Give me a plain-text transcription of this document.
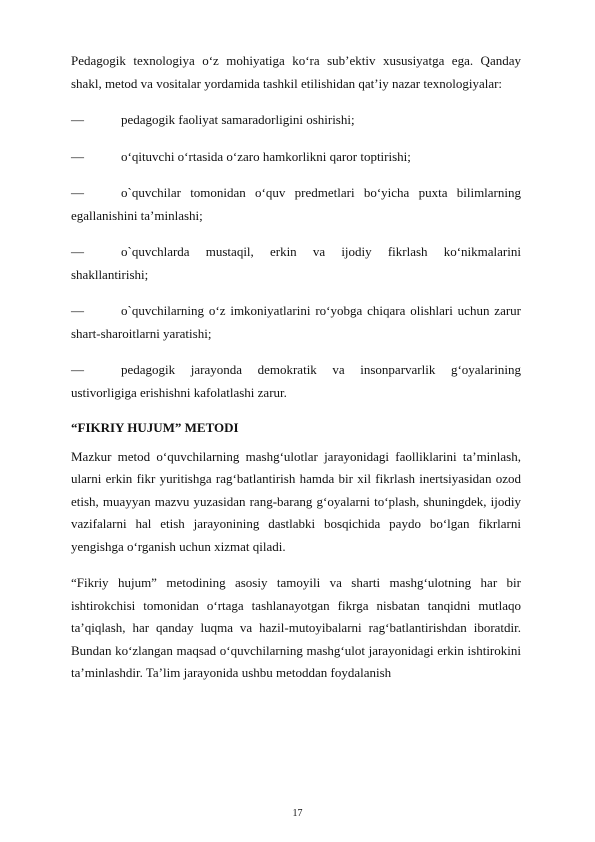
Pedagogik texnologiya o‘z mohiyatiga ko‘ra sub’ektiv xususiyatga ega. Qanday shakl, metod va vositalar yordamida tashkil etilishidan qat’iy nazar texnologiyalar:

—	pedagogik faoliyat samaradorligini oshirishi;

—	o‘qituvchi o‘rtasida o‘zaro hamkorlikni qaror toptirishi;

—	o`quvchilar tomonidan o‘quv predmetlari bo‘yicha puxta bilimlarning egallanishini ta’minlashi;

—	o`quvchlarda mustaqil, erkin va ijodiy fikrlash ko‘nikmalarini shakllantirishi;

—	o`quvchilarning o‘z imkoniyatlarini ro‘yobga chiqara olishlari uchun zarur shart-sharoitlarni yaratishi;

—	pedagogik jarayonda demokratik va insonparvarlik g‘oyalarining ustivorligiga erishishni kafolatlashi zarur.

“FIKRIY HUJUM” METODI

Mazkur metod o‘quvchilarning mashg‘ulotlar jarayonidagi faolliklarini ta’minlash, ularni erkin fikr yuritishga rag‘batlantirish hamda bir xil fikrlash inertsiyasidan ozod etish, muayyan mazvu yuzasidan rang-barang g‘oyalarni to‘plash, shuningdek, ijodiy vazifalarni hal etish jarayonining dastlabki bosqichida paydo bo‘lgan fikrlarni yengishga o‘rganish uchun xizmat qiladi.

“Fikriy hujum” metodining asosiy tamoyili va sharti mashg‘ulotning har bir ishtirokchisi tomonidan o‘rtaga tashlanayotgan fikrga nisbatan tanqidni mutlaqo ta’qiqlash, har qanday luqma va hazil-mutoyibalarni rag‘batlantirishdan iboratdir. Bundan ko‘zlangan maqsad o‘quvchilarning mashg‘ulot jarayonidagi erkin ishtirokini ta’minlashdir. Ta’lim jarayonida ushbu metoddan foydalanish

17
